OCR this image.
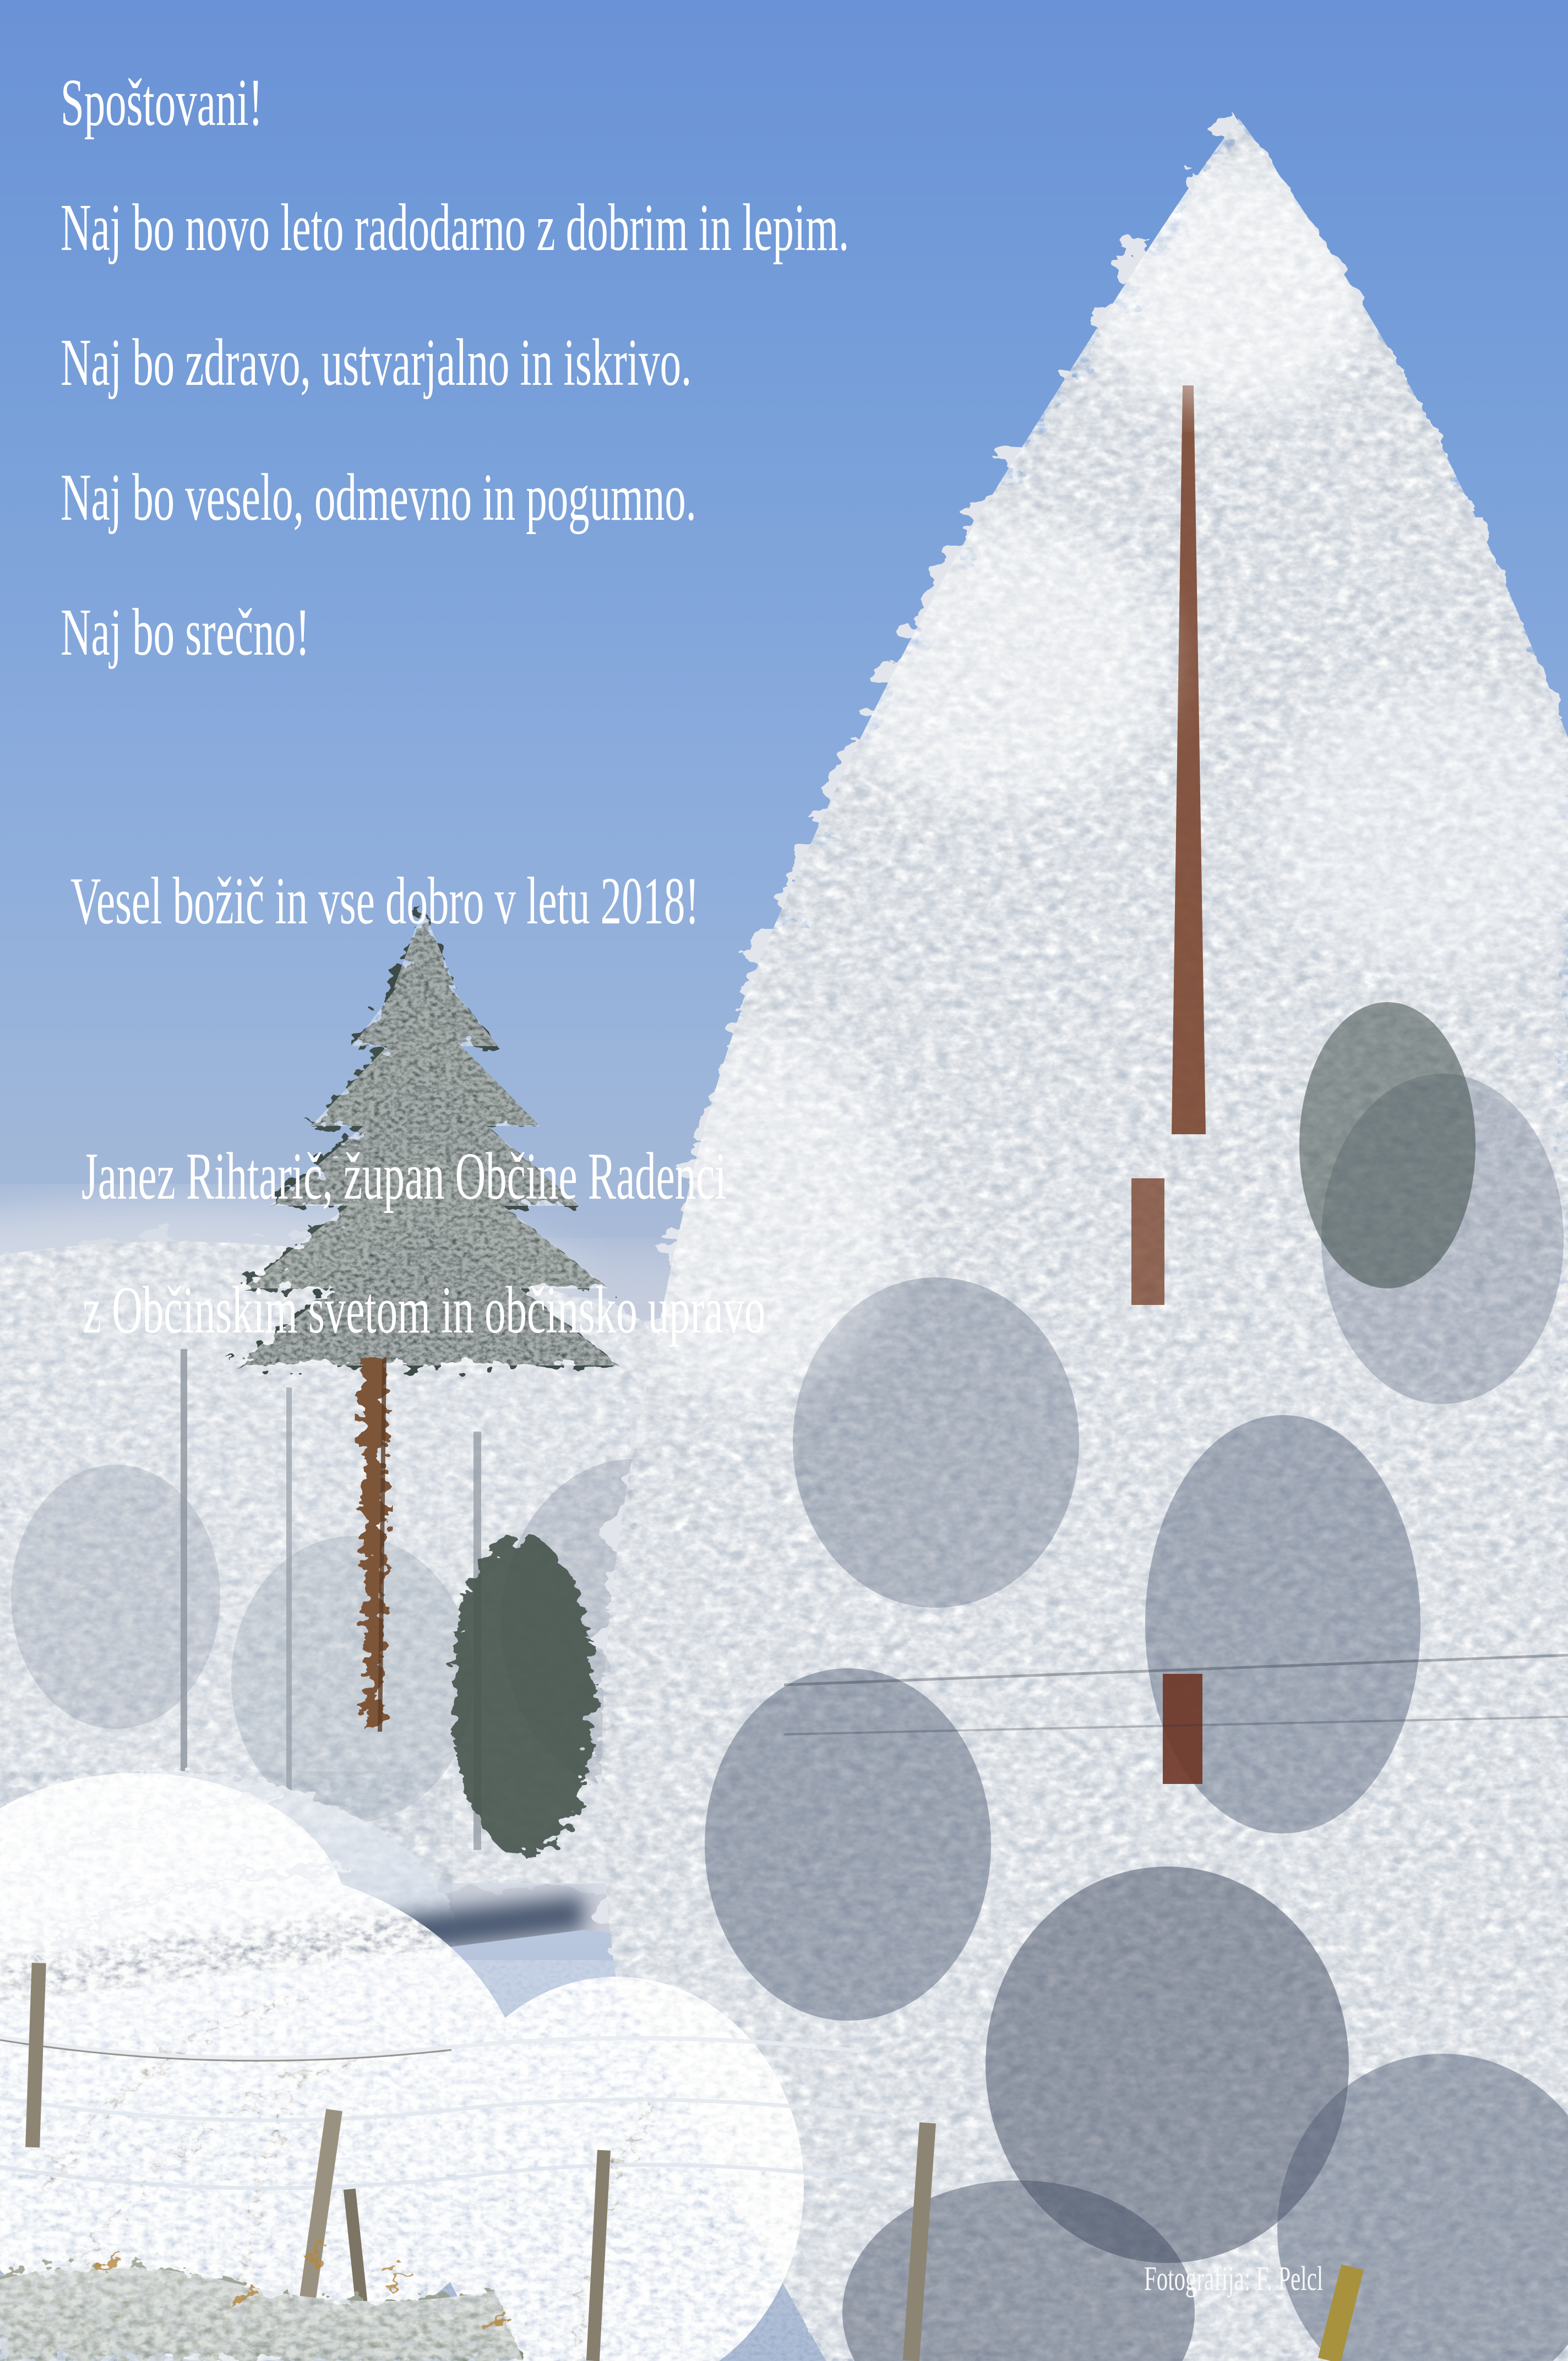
Spoštovani!
Naj bo novo leto radodarno z dobrim in lepim.
Naj bo zdravo, ustvarjalno in iskrivo.
Naj bo veselo, odmevno in pogumno.
Naj bo srečno!
Vesel božič in vse dobro v letu 2018!
Janez Rihtarič, župan Občine Radenci
z Občinskim svetom in občinsko upravo
Fotografija: F. Pelcl
